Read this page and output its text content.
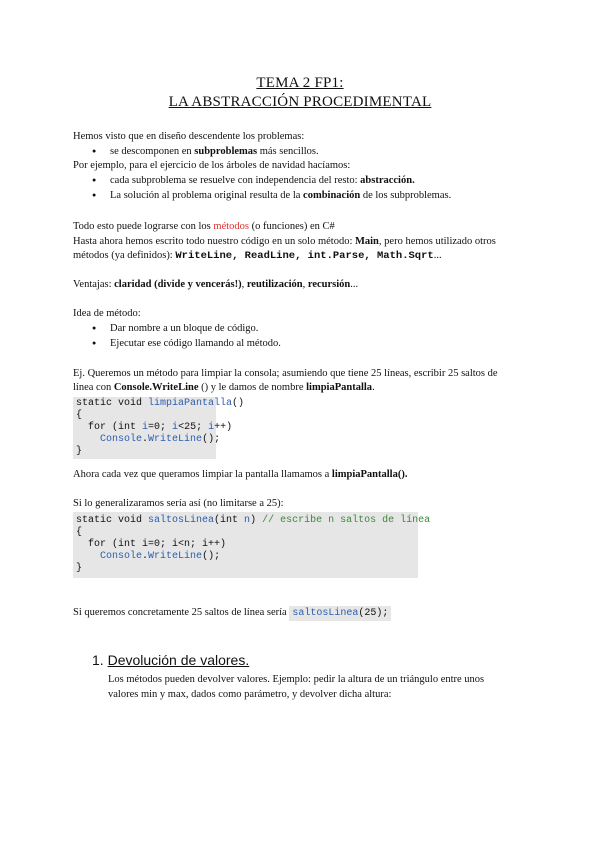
TEMA 2 FP1:
LA ABSTRACCIÓN PROCEDIMENTAL
Hemos visto que en diseño descendente los problemas:
● se descomponen en subproblemas más sencillos.
Por ejemplo, para el ejercicio de los árboles de navidad hacíamos:
● cada subproblema se resuelve con independencia del resto: abstracción.
● La solución al problema original resulta de la combinación de los subproblemas.
Todo esto puede lograrse con los métodos (o funciones) en C#
Hasta ahora hemos escrito todo nuestro código en un solo método: Main, pero hemos utilizado otros
métodos (ya definidos): WriteLine, ReadLine, int.Parse, Math.Sqrt...
Ventajas: claridad (divide y vencerás!), reutilización, recursión...
Idea de método:
● Dar nombre a un bloque de código.
● Ejecutar ese código llamando al método.
Ej. Queremos un método para limpiar la consola; asumiendo que tiene 25 líneas, escribir 25 saltos de
línea con Console.WriteLine () y le damos de nombre limpiaPantalla.
static void limpiaPantalla()
{
for (int i=0; i<25; i++)
Console.WriteLine();
}
Ahora cada vez que queramos limpiar la pantalla llamamos a limpiaPantalla().
Si lo generalizaramos sería así (no limitarse a 25):
static void saltosLinea(int n) // escribe n saltos de línea
{
for (int i=0; i<n; i++)
Console.WriteLine();
}
Si queremos concretamente 25 saltos de línea sería saltosLinea(25);
1. Devolución de valores.
Los métodos pueden devolver valores. Ejemplo: pedir la altura de un triángulo entre unos
valores min y max, dados como parámetro, y devolver dicha altura:
